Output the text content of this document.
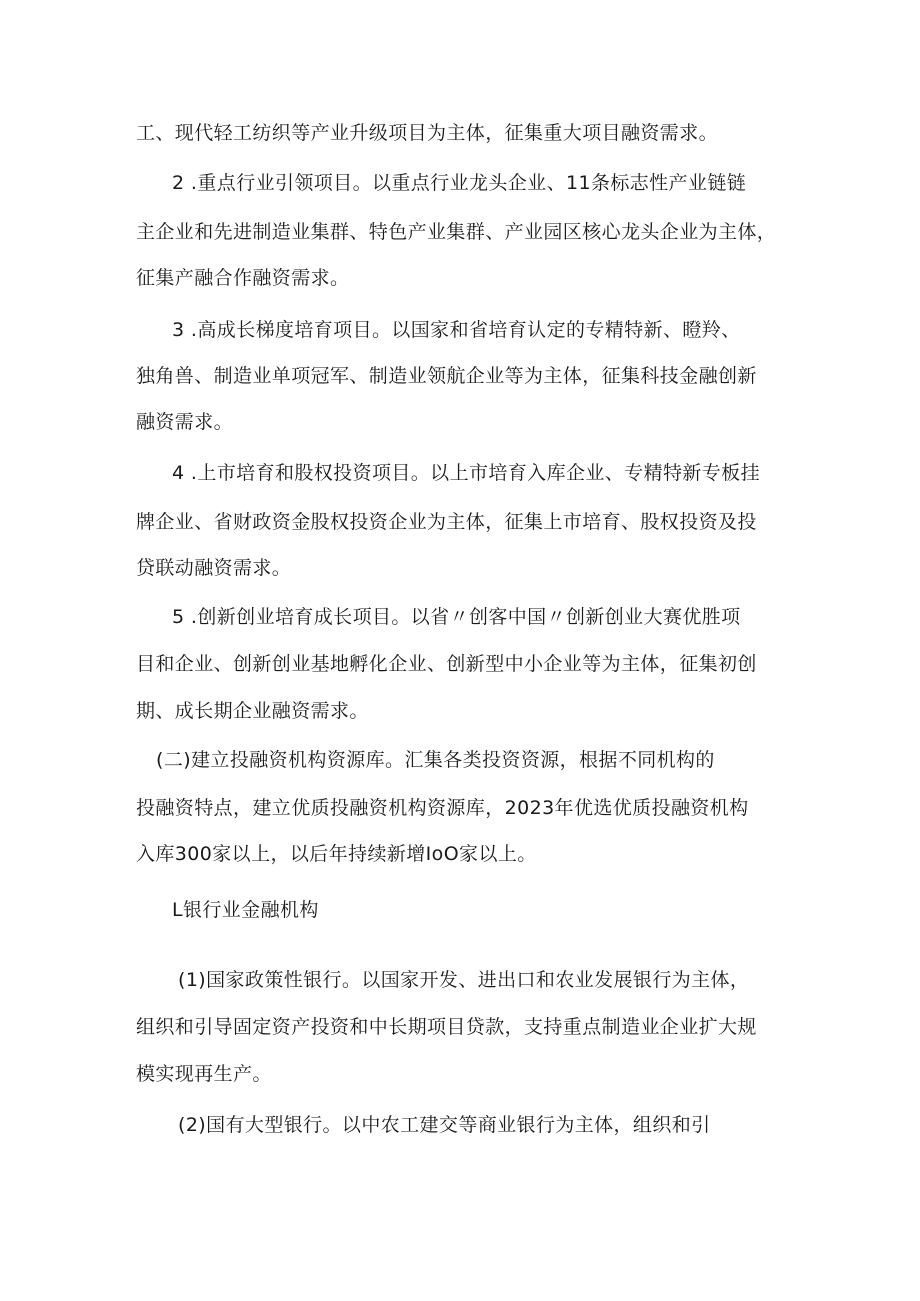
工、现代轻工纺织等产业升级项目为主体，征集重大项目融资需求。
2 .重点行业引领项目。以重点行业龙头企业、11条标志性产业链链
主企业和先进制造业集群、特色产业集群、产业园区核心龙头企业为主体，
征集产融合作融资需求。
3 .高成长梯度培育项目。以国家和省培育认定的专精特新、瞪羚、
独角兽、制造业单项冠军、制造业领航企业等为主体，征集科技金融创新
融资需求。
4 .上市培育和股权投资项目。以上市培育入库企业、专精特新专板挂
牌企业、省财政资金股权投资企业为主体，征集上市培育、股权投资及投
贷联动融资需求。
5 .创新创业培育成长项目。以省〃创客中国〃创新创业大赛优胜项
目和企业、创新创业基地孵化企业、创新型中小企业等为主体，征集初创
期、成长期企业融资需求。
(二)建立投融资机构资源库。汇集各类投资资源，根据不同机构的
投融资特点，建立优质投融资机构资源库，2023年优选优质投融资机构
入库300家以上，以后年持续新增IoO家以上。
L银行业金融机构
(1)国家政策性银行。以国家开发、进出口和农业发展银行为主体，
组织和引导固定资产投资和中长期项目贷款，支持重点制造业企业扩大规
模实现再生产。
(2)国有大型银行。以中农工建交等商业银行为主体，组织和引
